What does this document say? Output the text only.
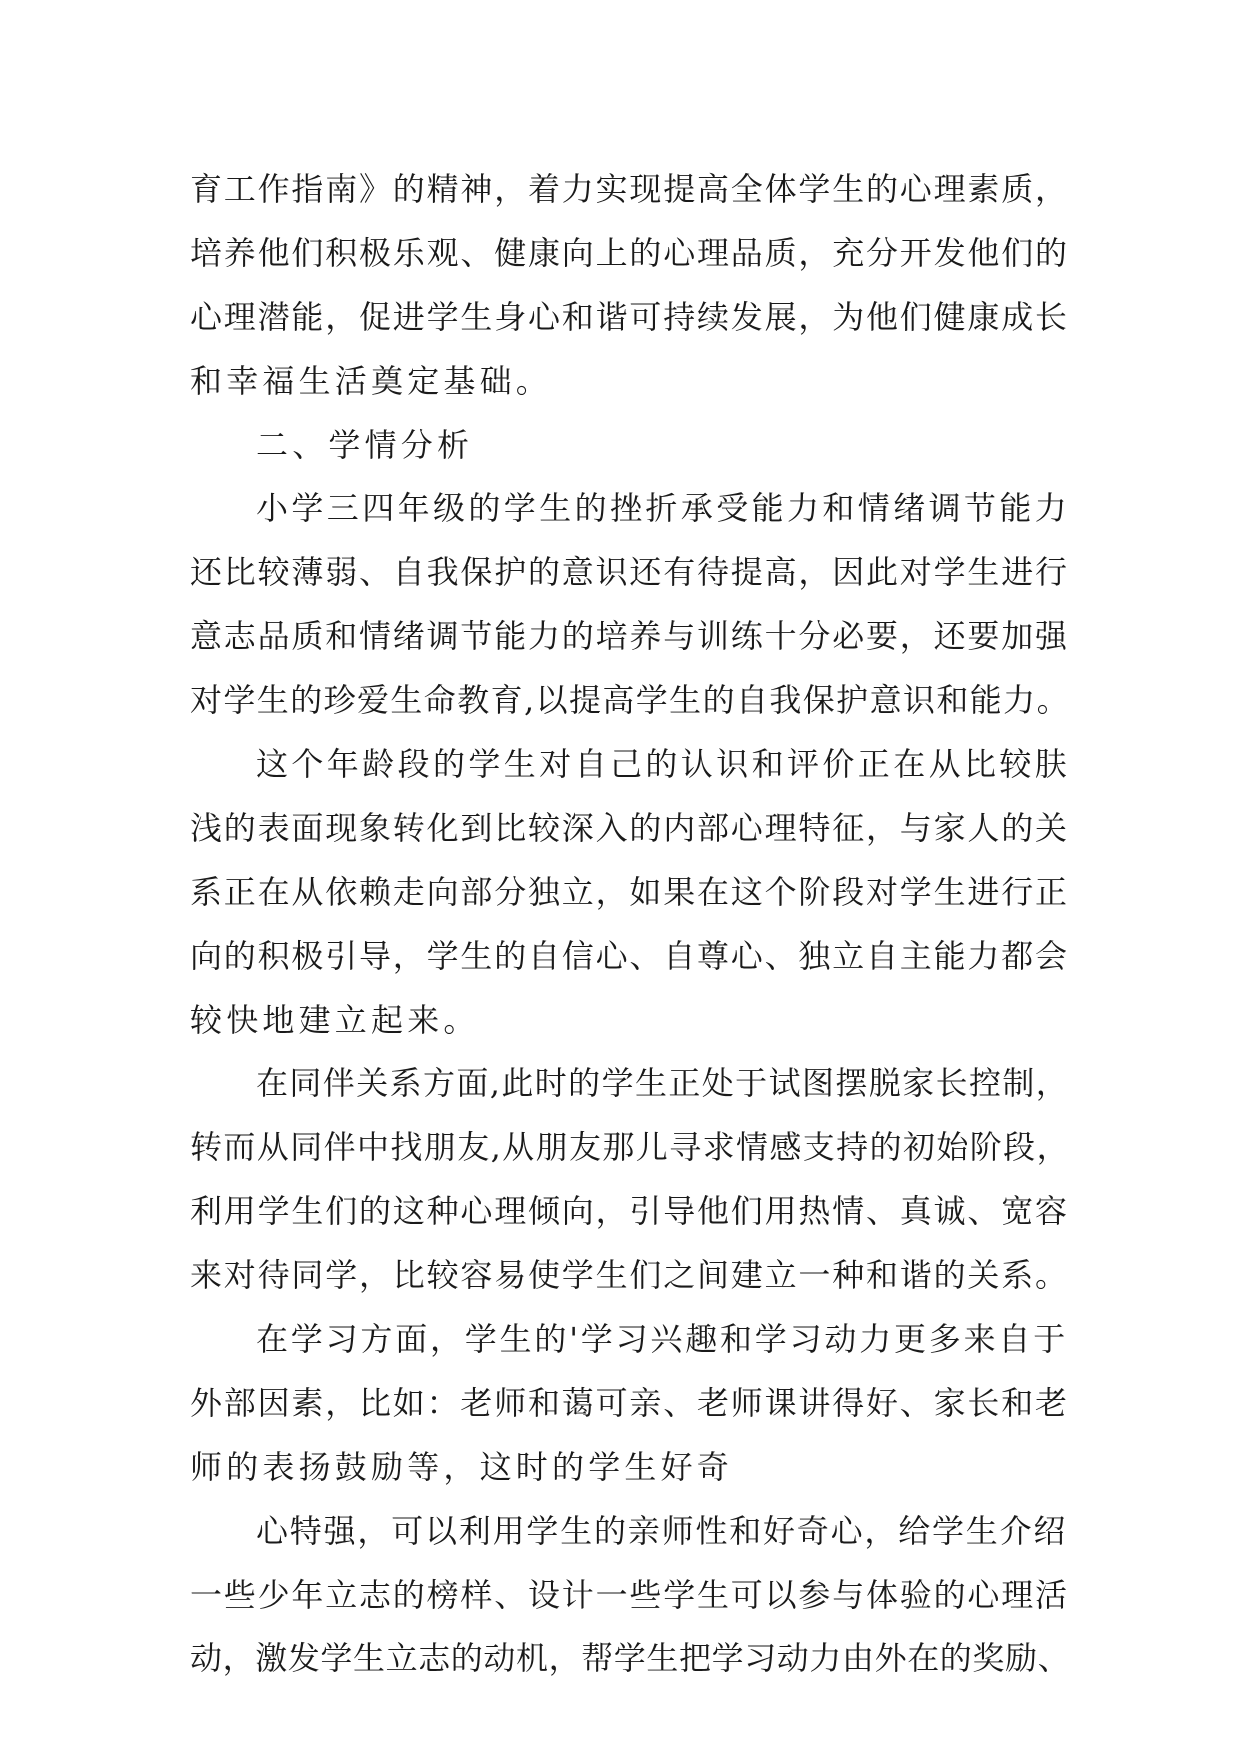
育工作指南》的精神，着力实现提高全体学生的心理素质，
培养他们积极乐观、健康向上的心理品质，充分开发他们的
心理潜能，促进学生身心和谐可持续发展，为他们健康成长
和幸福生活奠定基础。
二、学情分析
小学三四年级的学生的挫折承受能力和情绪调节能力
还比较薄弱、自我保护的意识还有待提高，因此对学生进行
意志品质和情绪调节能力的培养与训练十分必要，还要加强
对学生的珍爱生命教育,以提高学生的自我保护意识和能力。
这个年龄段的学生对自己的认识和评价正在从比较肤
浅的表面现象转化到比较深入的内部心理特征，与家人的关
系正在从依赖走向部分独立，如果在这个阶段对学生进行正
向的积极引导，学生的自信心、自尊心、独立自主能力都会
较快地建立起来。
在同伴关系方面,此时的学生正处于试图摆脱家长控制，
转而从同伴中找朋友,从朋友那儿寻求情感支持的初始阶段，
利用学生们的这种心理倾向，引导他们用热情、真诚、宽容
来对待同学，比较容易使学生们之间建立一种和谐的关系。
在学习方面，学生的'学习兴趣和学习动力更多来自于
外部因素，比如：老师和蔼可亲、老师课讲得好、家长和老
师的表扬鼓励等，这时的学生好奇
心特强，可以利用学生的亲师性和好奇心，给学生介绍
一些少年立志的榜样、设计一些学生可以参与体验的心理活
动，激发学生立志的动机，帮学生把学习动力由外在的奖励、
